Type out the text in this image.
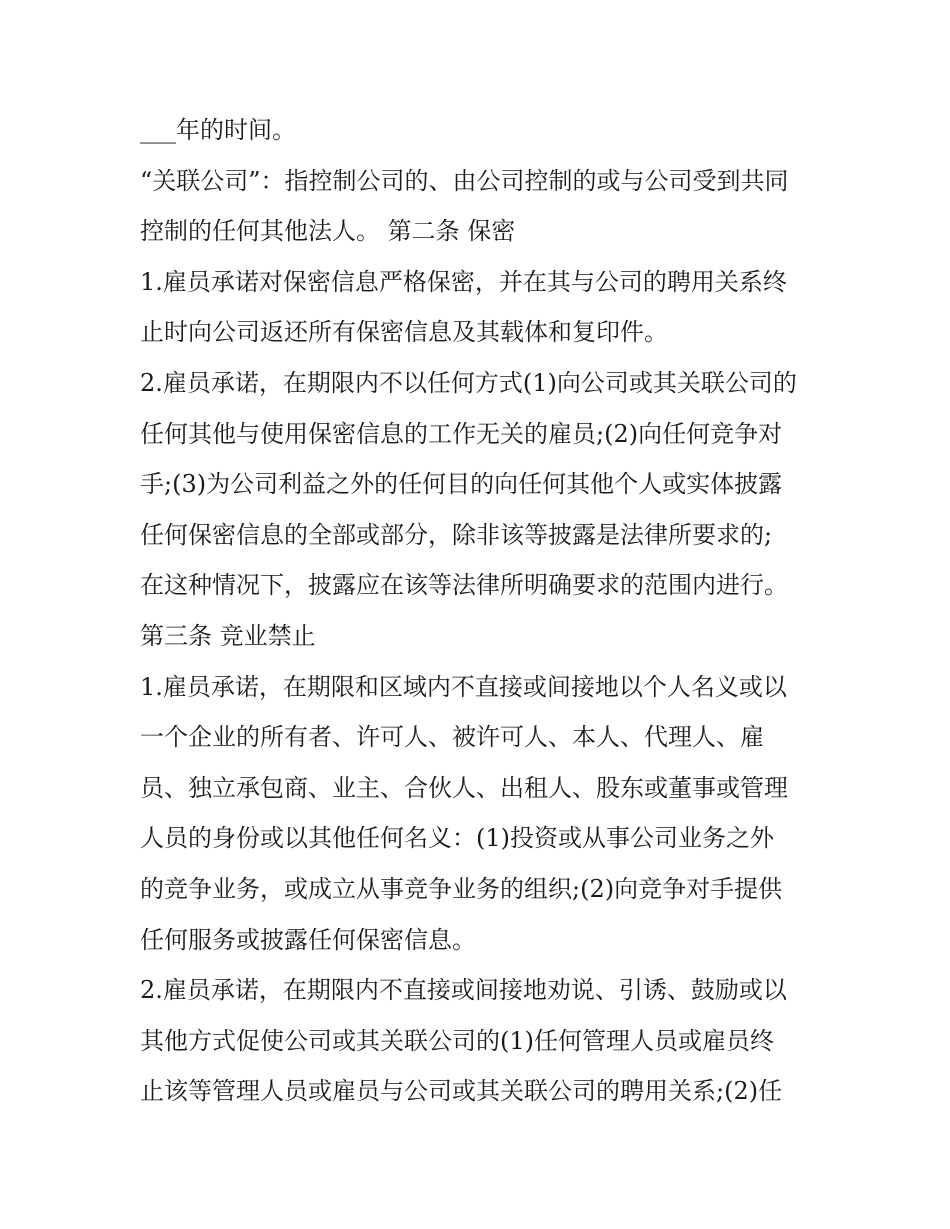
___年的时间。
“关联公司”：指控制公司的、由公司控制的或与公司受到共同
控制的任何其他法人。 第二条 保密
1.雇员承诺对保密信息严格保密，并在其与公司的聘用关系终
止时向公司返还所有保密信息及其载体和复印件。
2.雇员承诺，在期限内不以任何方式(1)向公司或其关联公司的
任何其他与使用保密信息的工作无关的雇员;(2)向任何竞争对
手;(3)为公司利益之外的任何目的向任何其他个人或实体披露
任何保密信息的全部或部分，除非该等披露是法律所要求的;
在这种情况下，披露应在该等法律所明确要求的范围内进行。
第三条 竞业禁止
1.雇员承诺，在期限和区域内不直接或间接地以个人名义或以
一个企业的所有者、许可人、被许可人、本人、代理人、雇
员、独立承包商、业主、合伙人、出租人、股东或董事或管理
人员的身份或以其他任何名义：(1)投资或从事公司业务之外
的竞争业务，或成立从事竞争业务的组织;(2)向竞争对手提供
任何服务或披露任何保密信息。
2.雇员承诺，在期限内不直接或间接地劝说、引诱、鼓励或以
其他方式促使公司或其关联公司的(1)任何管理人员或雇员终
止该等管理人员或雇员与公司或其关联公司的聘用关系;(2)任
